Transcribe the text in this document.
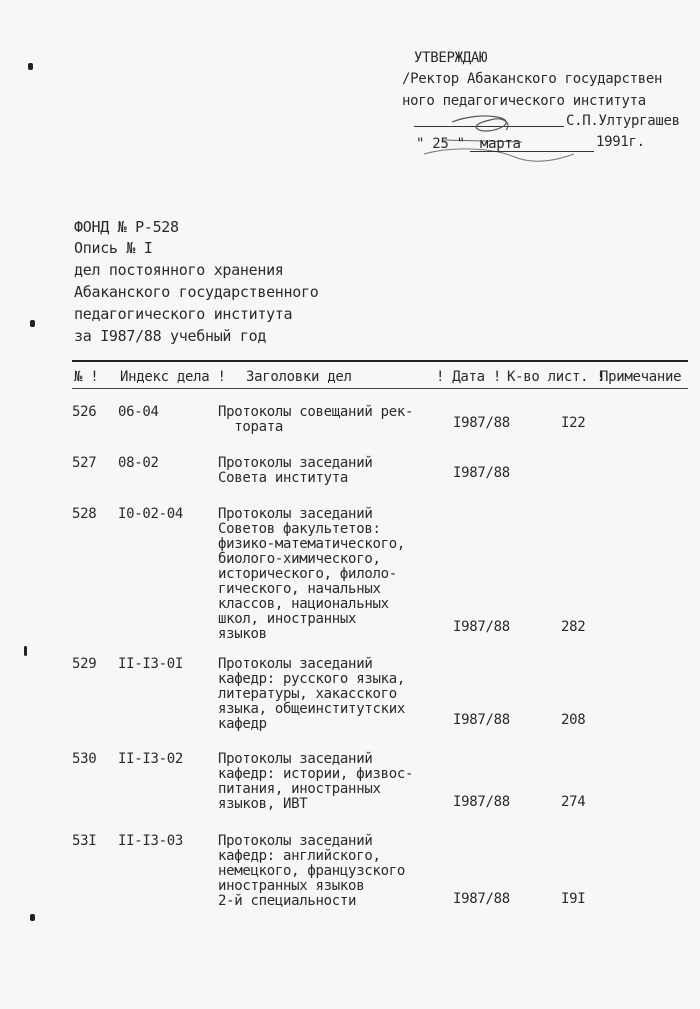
УТВЕРЖДАЮ
/Ректор Абаканского государствен
ного педагогического института
С.П.Ултургашев
" 25 " марта	1991г.
ФОНД № Р-528
Опись № I
дел постоянного хранения
Абаканского государственного
педагогического института
за I987/88 учебный год
№ ! Индекс дела ! Заголовки дел	! Дата ! К-во лист. !
Примечание
526 06-04	Протоколы совещаний рек-
тората	I987/88	I22
527 08-02	Протоколы заседаний
Совета института	I987/88
528 I0-02-04 Протоколы заседаний
Советов факультетов:
физико-математического,
биолого-химического,
исторического, филоло-
гического, начальных
классов, национальных
школ, иностранных
языков	I987/88	282
529 II-I3-0I Протоколы заседаний
кафедр: русского языка,
литературы, хакасского
языка, общеинститутских
кафедр	I987/88	208
530 II-I3-02 Протоколы заседаний
кафедр: истории, физвос-
питания, иностранных
языков, ИВТ	I987/88	274
53I II-I3-03 Протоколы заседаний
кафедр: английского,
немецкого, французского
иностранных языков
2-й специальности	I987/88	I9I
